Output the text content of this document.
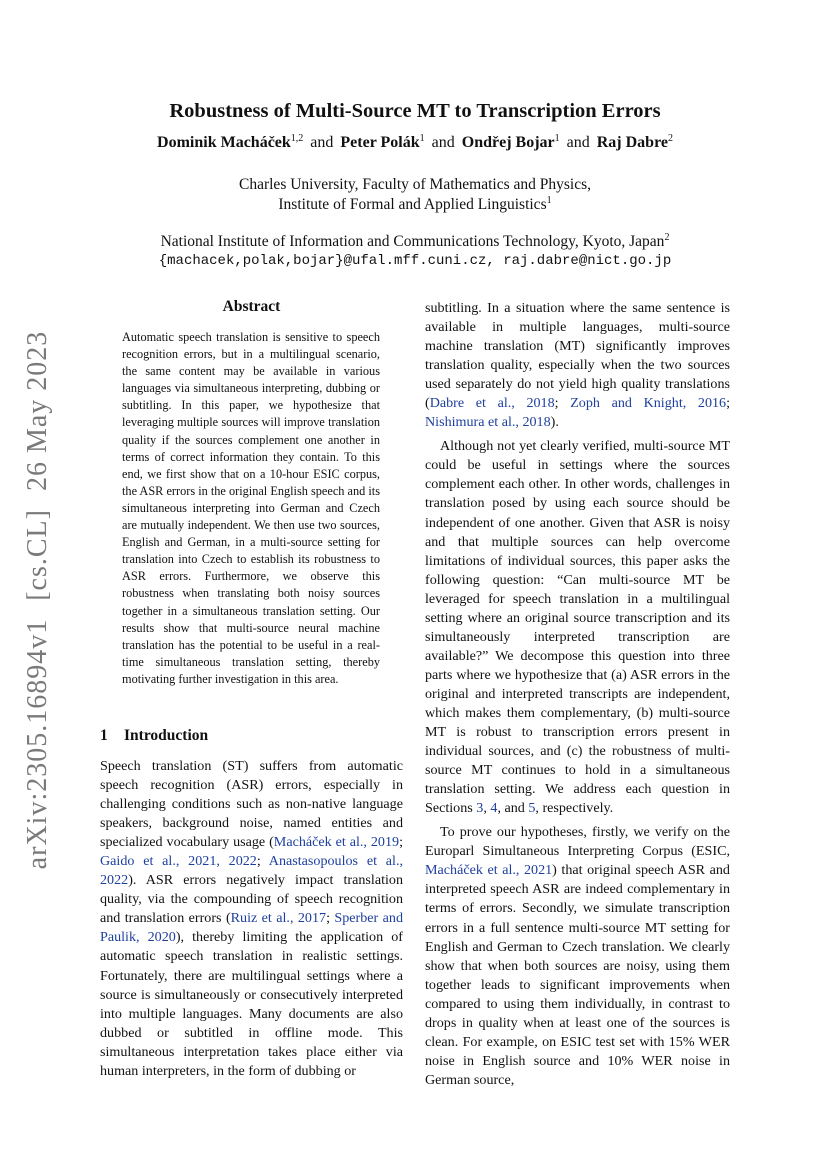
arXiv:2305.16894v1[cs.CL]26 May 2023
Robustness of Multi-Source MT to Transcription Errors
Dominik Macháček$^{1,2}$ and Peter Polák$^1$ and Ondřej Bojar$^1$ and Raj Dabre$^2$
Charles University, Faculty of Mathematics and Physics,
Institute of Formal and Applied Linguistics$^1$
National Institute of Information and Communications Technology, Kyoto, Japan$^2$
{machacek,polak,bojar}@ufal.mff.cuni.cz, raj.dabre@nict.go.jp
Abstract
Automatic speech translation is sensitive to speech recognition errors, but in a multilingual scenario, the same content may be available in various languages via simultaneous interpreting, dubbing or subtitling. In this paper, we hypothesize that leveraging multiple sources will improve translation quality if the sources complement one another in terms of correct information they contain. To this end, we first show that on a 10-hour ESIC corpus, the ASR errors in the original English speech and its simultaneous interpreting into German and Czech are mutually independent. We then use two sources, English and German, in a multi-source setting for translation into Czech to establish its robustness to ASR errors. Furthermore, we observe this robustness when translating both noisy sources together in a simultaneous translation setting. Our results show that multi-source neural machine translation has the potential to be useful in a real-time simultaneous translation setting, thereby motivating further investigation in this area.
1 Introduction

Speech translation (ST) suffers from automatic speech recognition (ASR) errors, especially in challenging conditions such as non-native language speakers, background noise, named entities and specialized vocabulary usage (Macháček et al., 2019; Gaido et al., 2021, 2022; Anastasopoulos et al., 2022). ASR errors negatively impact translation quality, via the compounding of speech recognition and translation errors (Ruiz et al., 2017; Sperber and Paulik, 2020), thereby limiting the application of automatic speech translation in realistic settings. Fortunately, there are multilingual settings where a source is simultaneously or consecutively interpreted into multiple languages. Many documents are also dubbed or subtitled in offline mode. This simultaneous interpretation takes place either via human interpreters, in the form of dubbing or

subtitling. In a situation where the same sentence is available in multiple languages, multi-source machine translation (MT) significantly improves translation quality, especially when the two sources used separately do not yield high quality translations (Dabre et al., 2018; Zoph and Knight, 2016; Nishimura et al., 2018).

Although not yet clearly verified, multi-source MT could be useful in settings where the sources complement each other. In other words, challenges in translation posed by using each source should be independent of one another. Given that ASR is noisy and that multiple sources can help overcome limitations of individual sources, this paper asks the following question: “Can multi-source MT be leveraged for speech translation in a multilingual setting where an original source transcription and its simultaneously interpreted transcription are available?” We decompose this question into three parts where we hypothesize that (a) ASR errors in the original and interpreted transcripts are independent, which makes them complementary, (b) multi-source MT is robust to transcription errors present in individual sources, and (c) the robustness of multi-source MT continues to hold in a simultaneous translation setting. We address each question in Sections 3, 4, and 5, respectively.

To prove our hypotheses, firstly, we verify on the Europarl Simultaneous Interpreting Corpus (ESIC, Macháček et al., 2021) that original speech ASR and interpreted speech ASR are indeed complementary in terms of errors. Secondly, we simulate transcription errors in a full sentence multi-source MT setting for English and German to Czech translation. We clearly show that when both sources are noisy, using them together leads to significant improvements when compared to using them individually, in contrast to drops in quality when at least one of the sources is clean. For example, on ESIC test set with 15% WER noise in English source and 10% WER noise in German source,
